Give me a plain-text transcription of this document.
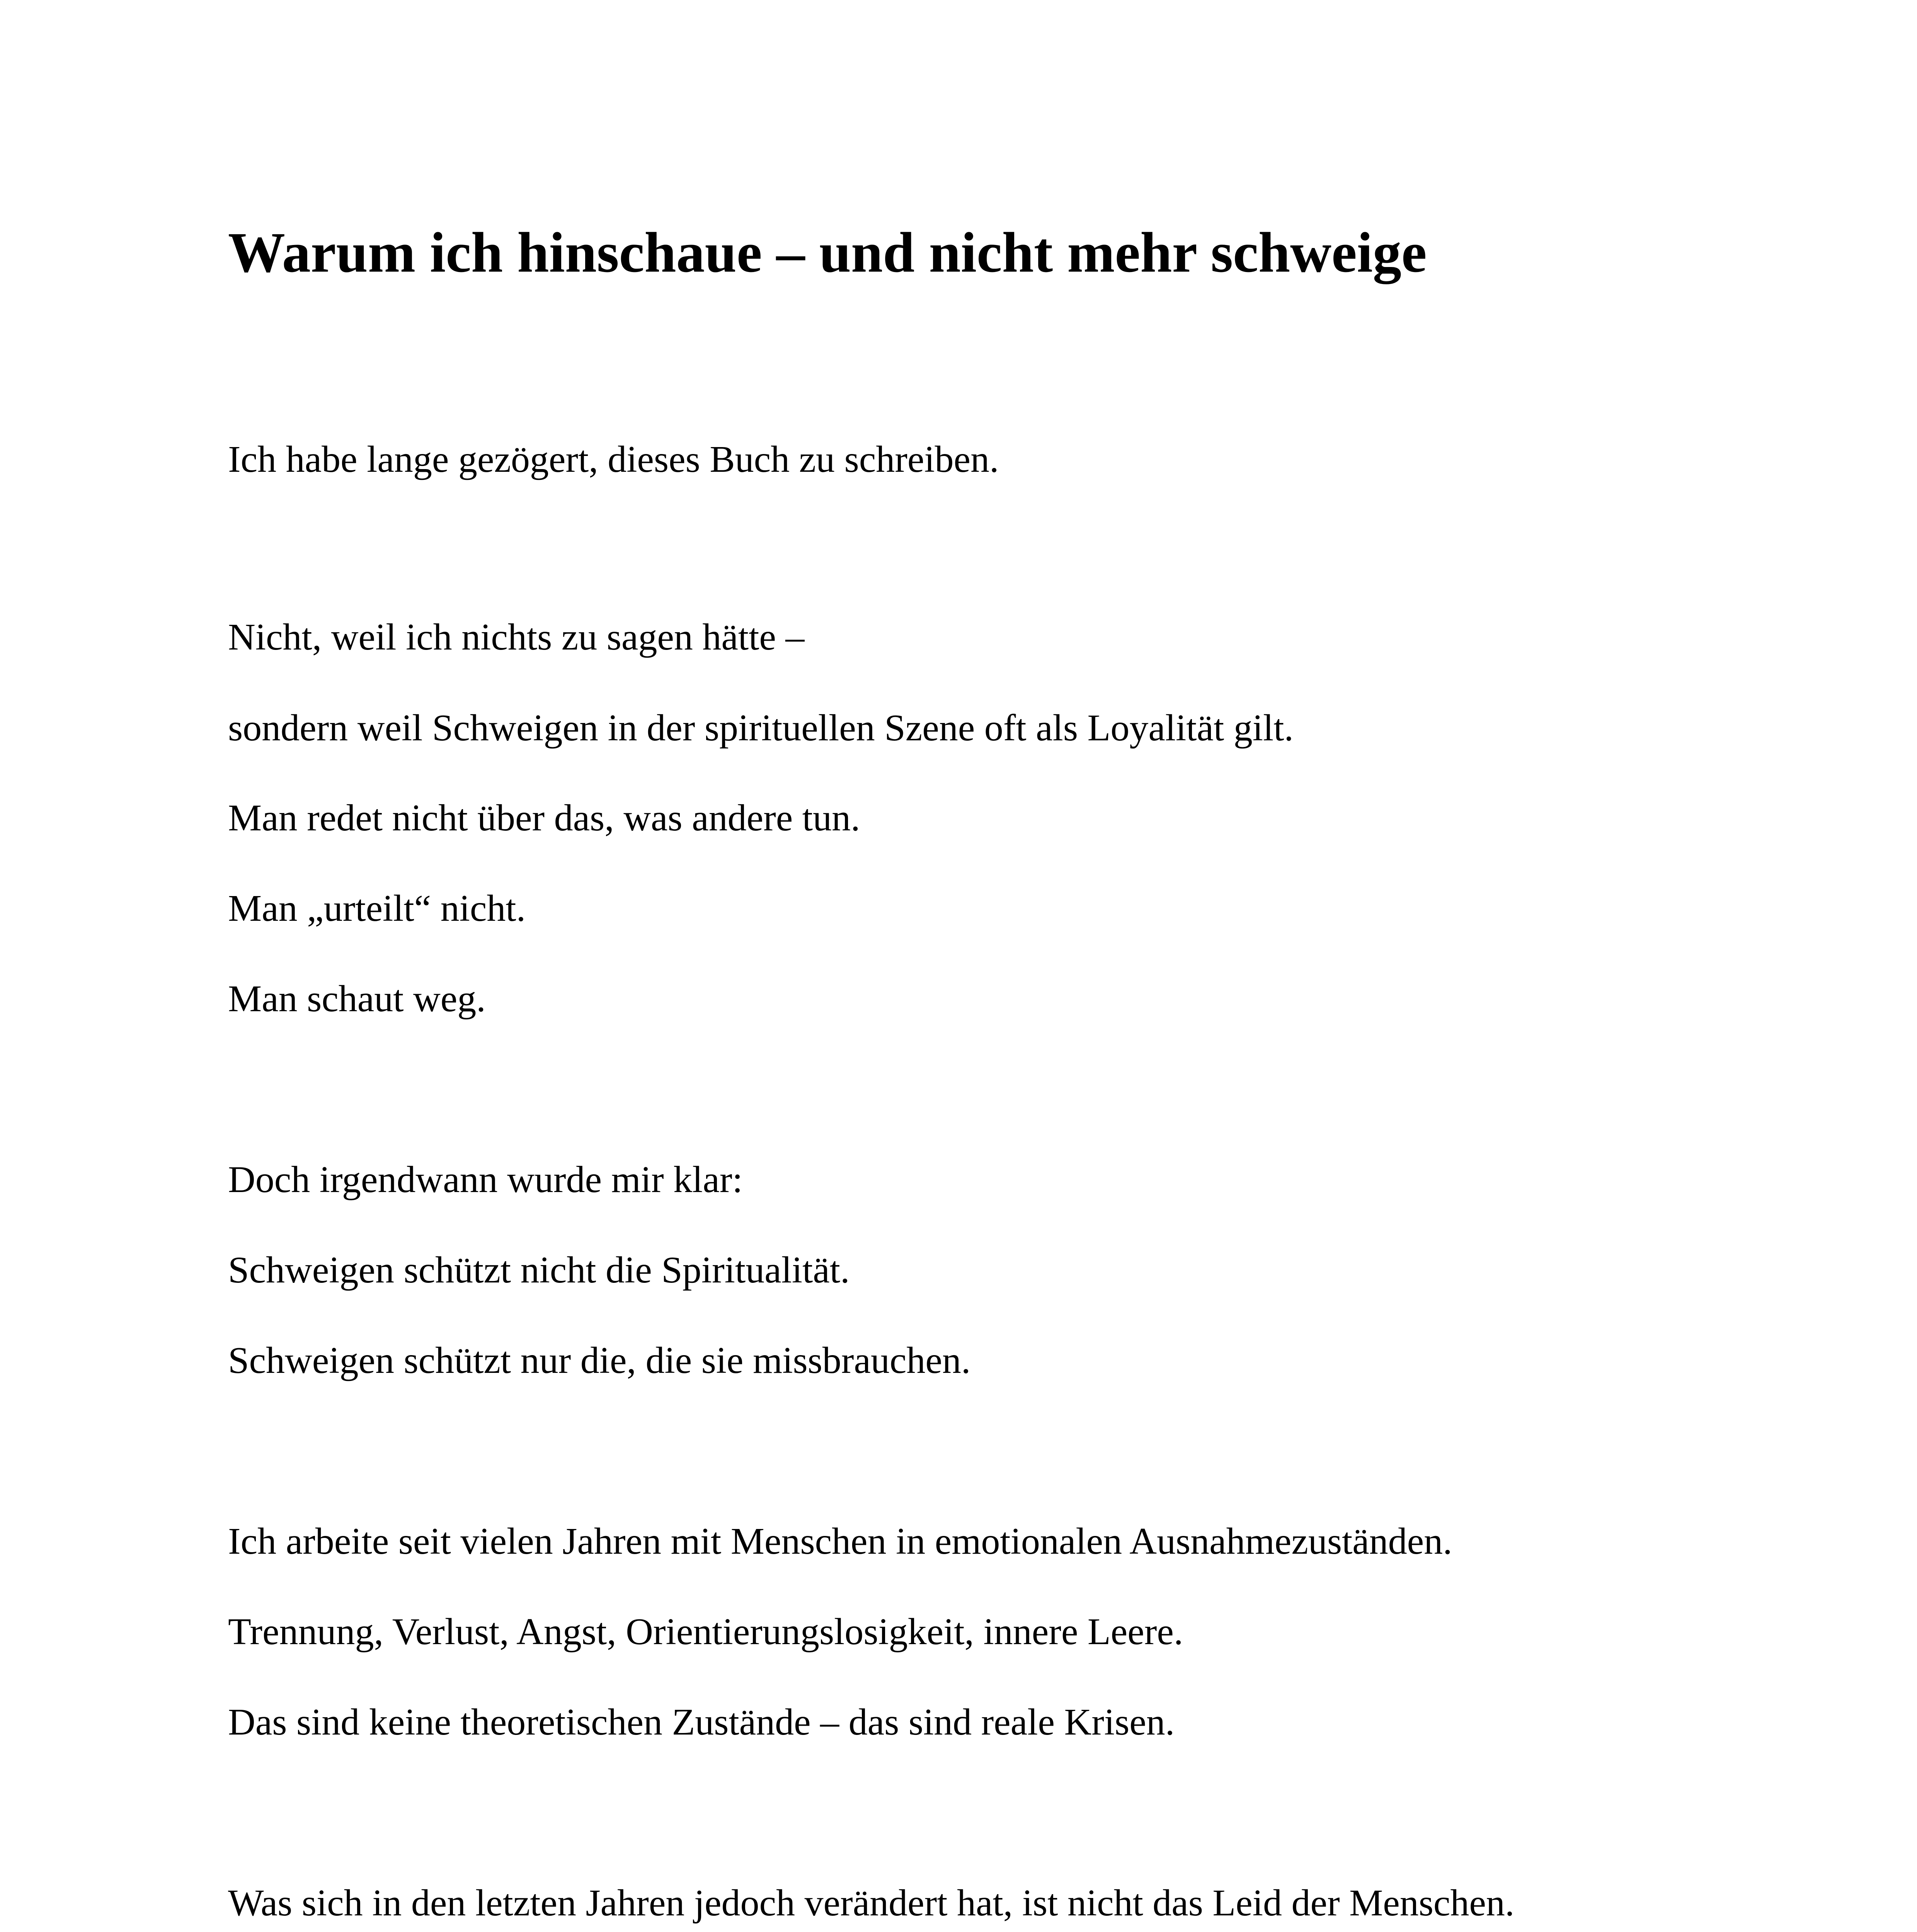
Warum ich hinschaue – und nicht mehr schweige

Ich habe lange gezögert, dieses Buch zu schreiben.

Nicht, weil ich nichts zu sagen hätte –

sondern weil Schweigen in der spirituellen Szene oft als Loyalität gilt.

Man redet nicht über das, was andere tun.

Man „urteilt“ nicht.

Man schaut weg.

Doch irgendwann wurde mir klar:

Schweigen schützt nicht die Spiritualität.

Schweigen schützt nur die, die sie missbrauchen.

Ich arbeite seit vielen Jahren mit Menschen in emotionalen Ausnahmezuständen.

Trennung, Verlust, Angst, Orientierungslosigkeit, innere Leere.

Das sind keine theoretischen Zustände – das sind reale Krisen.

Was sich in den letzten Jahren jedoch verändert hat, ist nicht das Leid der Menschen.
